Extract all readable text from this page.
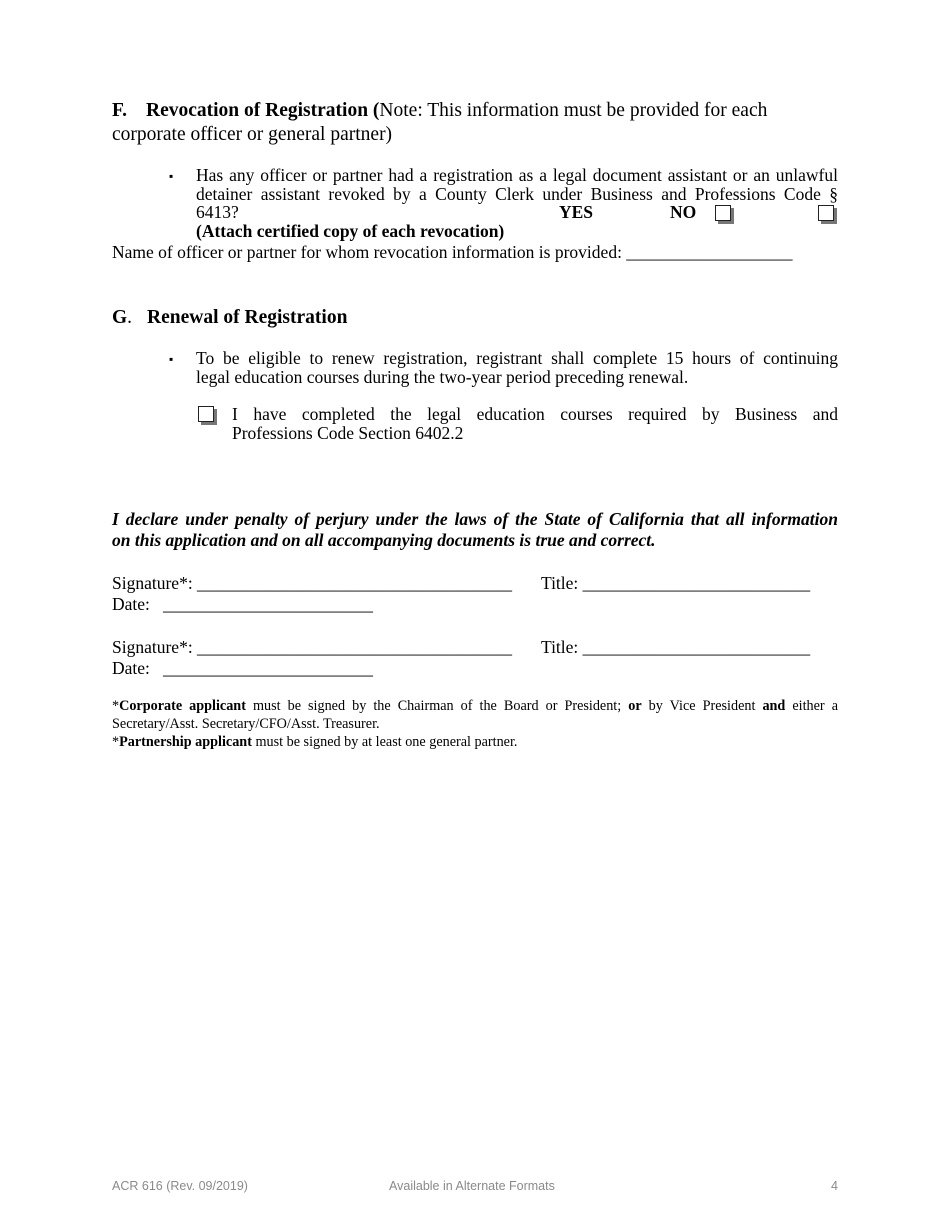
F. Revocation of Registration (Note: This information must be provided for each
corporate officer or general partner)
▪ Has any officer or partner had a registration as a legal document assistant or an unlawful
detainer assistant revoked by a County Clerk under Business and Professions Code §
6413?	YES	NO
(Attach certified copy of each revocation)
Name of officer or partner for whom revocation information is provided: ___________________
G. Renewal of Registration
▪ To be eligible to renew registration, registrant shall complete 15 hours of continuing
legal education courses during the two-year period preceding renewal.
I have completed the legal education courses required by Business and
Professions Code Section 6402.2
I declare under penalty of perjury under the laws of the State of California that all information
on this application and on all accompanying documents is true and correct.
Signature*: ____________________________________ Title: __________________________
Date:   ________________________
Signature*: ____________________________________ Title: __________________________
Date:   ________________________
*Corporate applicant must be signed by the Chairman of the Board or President; or by Vice President and either a
Secretary/Asst. Secretary/CFO/Asst. Treasurer.
*Partnership applicant must be signed by at least one general partner.
ACR 616 (Rev. 09/2019)	Available in Alternate Formats	4
